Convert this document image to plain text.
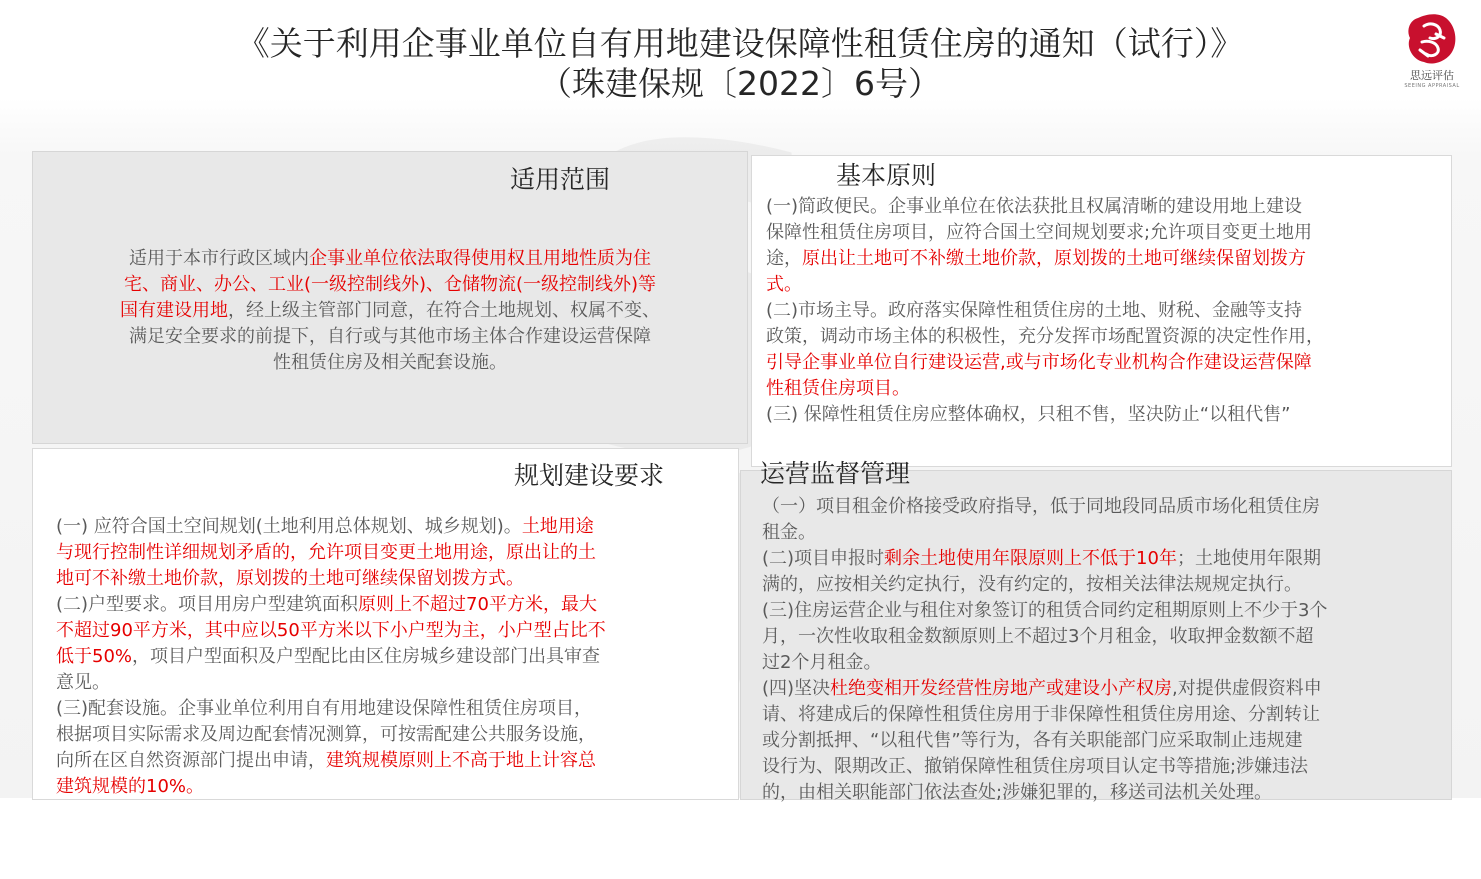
《关于利用企事业单位自有用地建设保障性租赁住房的通知（试行）》
（珠建保规〔2022〕6号）	思远评估
SEEING APPRAISAL
适用范围
适用于本市行政区域内企事业单位依法取得使用权且用地性质为住
宅、商业、办公、工业(一级控制线外)、仓储物流(一级控制线外)等
国有建设用地，经上级主管部门同意，在符合土地规划、权属不变、
满足安全要求的前提下，自行或与其他市场主体合作建设运营保障
性租赁住房及相关配套设施。
基本原则
(一)简政便民。企事业单位在依法获批且权属清晰的建设用地上建设
保障性租赁住房项目，应符合国土空间规划要求;允许项目变更土地用
途，原出让土地可不补缴土地价款，原划拨的土地可继续保留划拨方
式。
(二)市场主导。政府落实保障性租赁住房的土地、财税、金融等支持
政策，调动市场主体的积极性，充分发挥市场配置资源的决定性作用，
引导企事业单位自行建设运营,或与市场化专业机构合作建设运营保障
性租赁住房项目。
(三) 保障性租赁住房应整体确权，只租不售，坚决防止“以租代售”
规划建设要求
(一) 应符合国土空间规划(土地利用总体规划、城乡规划)。土地用途
与现行控制性详细规划矛盾的，允许项目变更土地用途，原出让的土
地可不补缴土地价款，原划拨的土地可继续保留划拨方式。
(二)户型要求。项目用房户型建筑面积原则上不超过70平方米，最大
不超过90平方米，其中应以50平方米以下小户型为主，小户型占比不
低于50%，项目户型面积及户型配比由区住房城乡建设部门出具审查
意见。
(三)配套设施。企事业单位利用自有用地建设保障性租赁住房项目，
根据项目实际需求及周边配套情况测算，可按需配建公共服务设施，
向所在区自然资源部门提出申请，建筑规模原则上不高于地上计容总
建筑规模的10%。
运营监督管理
（一）项目租金价格接受政府指导，低于同地段同品质市场化租赁住房
租金。
(二)项目申报时剩余土地使用年限原则上不低于10年；土地使用年限期
满的，应按相关约定执行，没有约定的，按相关法律法规规定执行。
(三)住房运营企业与租住对象签订的租赁合同约定租期原则上不少于3个
月，一次性收取租金数额原则上不超过3个月租金，收取押金数额不超
过2个月租金。
(四)坚决杜绝变相开发经营性房地产或建设小产权房,对提供虚假资料申
请、将建成后的保障性租赁住房用于非保障性租赁住房用途、分割转让
或分割抵押、“以租代售”等行为，各有关职能部门应采取制止违规建
设行为、限期改正、撤销保障性租赁住房项目认定书等措施;涉嫌违法
的，由相关职能部门依法查处;涉嫌犯罪的，移送司法机关处理。
